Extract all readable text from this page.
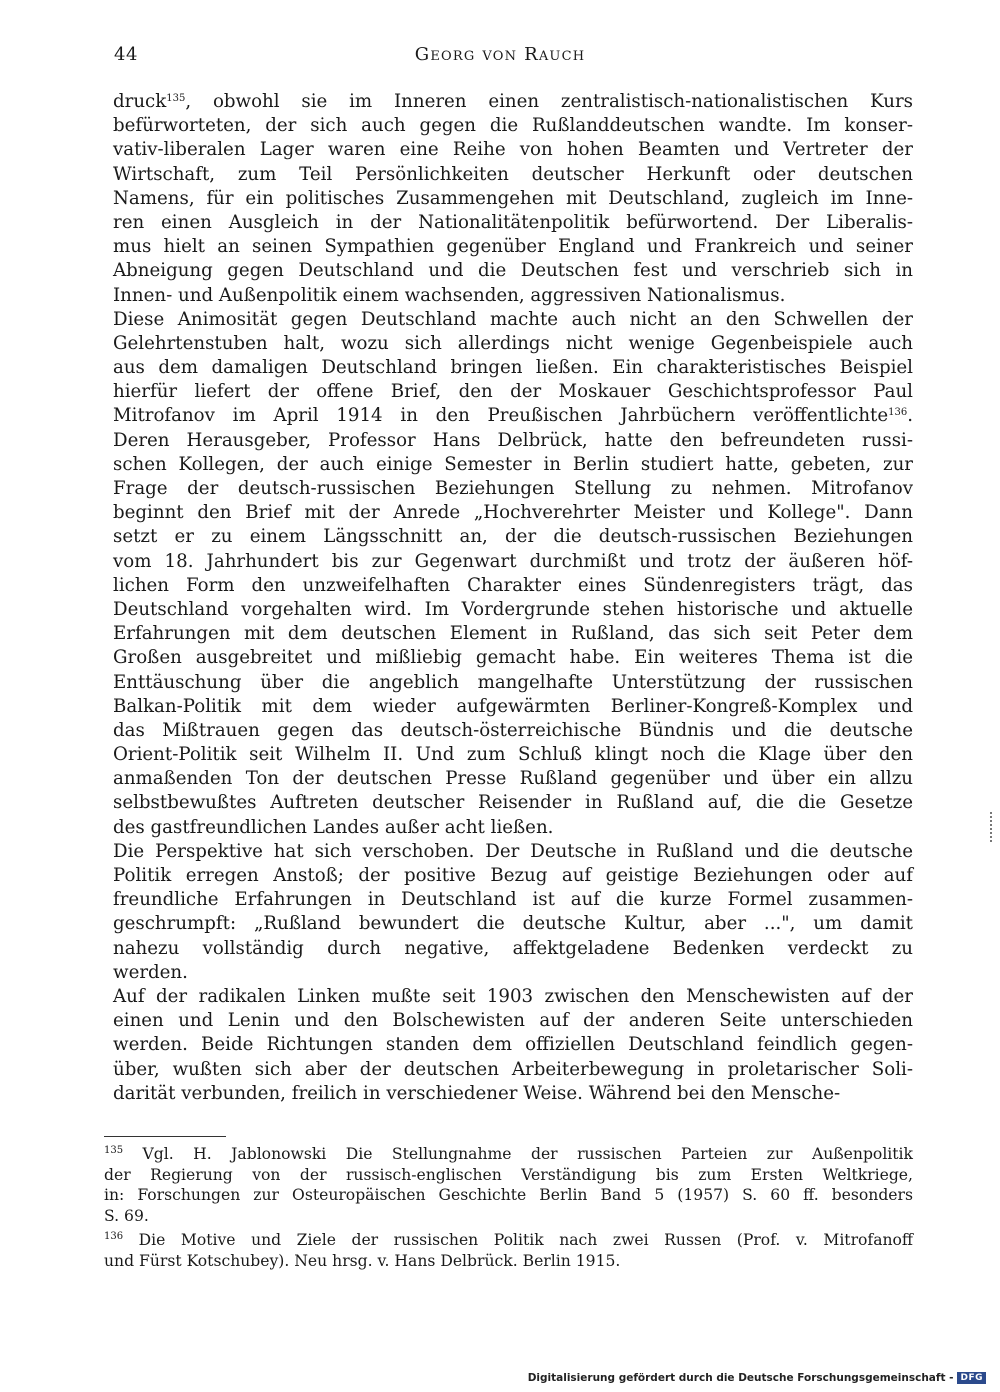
44	Georg von Rauch
druck$^{135}$, obwohl sie im Inneren einen zentralistisch-nationalistischen Kurs
befürworteten, der sich auch gegen die Rußlanddeutschen wandte. Im konser-
vativ-liberalen Lager waren eine Reihe von hohen Beamten und Vertreter der
Wirtschaft, zum Teil Persönlichkeiten deutscher Herkunft oder deutschen
Namens, für ein politisches Zusammengehen mit Deutschland, zugleich im Inne-
ren einen Ausgleich in der Nationalitätenpolitik befürwortend. Der Liberalis-
mus hielt an seinen Sympathien gegenüber England und Frankreich und seiner
Abneigung gegen Deutschland und die Deutschen fest und verschrieb sich in
Innen- und Außenpolitik einem wachsenden, aggressiven Nationalismus.
Diese Animosität gegen Deutschland machte auch nicht an den Schwellen der
Gelehrtenstuben halt, wozu sich allerdings nicht wenige Gegenbeispiele auch
aus dem damaligen Deutschland bringen ließen. Ein charakteristisches Beispiel
hierfür liefert der offene Brief, den der Moskauer Geschichtsprofessor Paul
Mitrofanov im April 1914 in den Preußischen Jahrbüchern veröffentlichte$^{136}$.
Deren Herausgeber, Professor Hans Delbrück, hatte den befreundeten russi-
schen Kollegen, der auch einige Semester in Berlin studiert hatte, gebeten, zur
Frage der deutsch-russischen Beziehungen Stellung zu nehmen. Mitrofanov
beginnt den Brief mit der Anrede „Hochverehrter Meister und Kollege". Dann
setzt er zu einem Längsschnitt an, der die deutsch-russischen Beziehungen
vom 18. Jahrhundert bis zur Gegenwart durchmißt und trotz der äußeren höf-
lichen Form den unzweifelhaften Charakter eines Sündenregisters trägt, das
Deutschland vorgehalten wird. Im Vordergrunde stehen historische und aktuelle
Erfahrungen mit dem deutschen Element in Rußland, das sich seit Peter dem
Großen ausgebreitet und mißliebig gemacht habe. Ein weiteres Thema ist die
Enttäuschung über die angeblich mangelhafte Unterstützung der russischen
Balkan-Politik mit dem wieder aufgewärmten Berliner-Kongreß-Komplex und
das Mißtrauen gegen das deutsch-österreichische Bündnis und die deutsche
Orient-Politik seit Wilhelm II. Und zum Schluß klingt noch die Klage über den
anmaßenden Ton der deutschen Presse Rußland gegenüber und über ein allzu
selbstbewußtes Auftreten deutscher Reisender in Rußland auf, die die Gesetze
des gastfreundlichen Landes außer acht ließen.
Die Perspektive hat sich verschoben. Der Deutsche in Rußland und die deutsche
Politik erregen Anstoß; der positive Bezug auf geistige Beziehungen oder auf
freundliche Erfahrungen in Deutschland ist auf die kurze Formel zusammen-
geschrumpft: „Rußland bewundert die deutsche Kultur, aber ...", um damit
nahezu vollständig durch negative, affektgeladene Bedenken verdeckt zu
werden.
Auf der radikalen Linken mußte seit 1903 zwischen den Menschewisten auf der
einen und Lenin und den Bolschewisten auf der anderen Seite unterschieden
werden. Beide Richtungen standen dem offiziellen Deutschland feindlich gegen-
über, wußten sich aber der deutschen Arbeiterbewegung in proletarischer Soli-
darität verbunden, freilich in verschiedener Weise. Während bei den Mensche-
$^{135}$ Vgl. H. Jablonowski Die Stellungnahme der russischen Parteien zur Außenpolitik
der Regierung von der russisch-englischen Verständigung bis zum Ersten Weltkriege,
in: Forschungen zur Osteuropäischen Geschichte Berlin Band 5 (1957) S. 60 ff. besonders
S. 69.
$^{136}$ Die Motive und Ziele der russischen Politik nach zwei Russen (Prof. v. Mitrofanoff
und Fürst Kotschubey). Neu hrsg. v. Hans Delbrück. Berlin 1915.
Digitalisierung gefördert durch die Deutsche Forschungsgemeinschaft - DFG
